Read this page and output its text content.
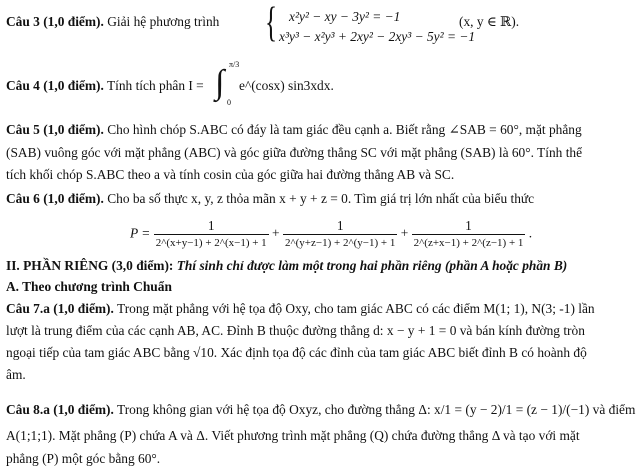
Câu 3 (1,0 điểm). Giải hệ phương trình { x²y² − xy − 3y² = −1
x³y³ − x²y³ + 2xy² − 2xy³ − 5y² = −1
(x, y ∈ ℝ).
Câu 4 (1,0 điểm). Tính tích phân I =
π/3
∫
0
e^(cosx) sin3xdx.
Câu 5 (1,0 điểm). Cho hình chóp S.ABC có đáy là tam giác đều cạnh a. Biết rằng ∠SAB = 60°, mặt phẳng
(SAB) vuông góc với mặt phẳng (ABC) và góc giữa đường thẳng SC với mặt phẳng (SAB) là 60°. Tính thể
tích khối chóp S.ABC theo a và tính cosin của góc giữa hai đường thẳng AB và SC.
Câu 6 (1,0 điểm). Cho ba số thực x, y, z thỏa mãn x + y + z = 0. Tìm giá trị lớn nhất của biểu thức
$P = \frac{1}{2\^{}(x+y-1) + 2\^{}(x-1) + 1} + \frac{1}{2\^{}(y+z-1) + 2\^{}(y-1) + 1} + \frac{1}{2\^{}(z+x-1) + 2\^{}(z-1) + 1}$ .
II. PHẦN RIÊNG (3,0 điểm): Thí sinh chỉ được làm một trong hai phần riêng (phần A hoặc phần B)
A. Theo chương trình Chuẩn
Câu 7.a (1,0 điểm). Trong mặt phẳng với hệ tọa độ Oxy, cho tam giác ABC có các điểm M(1; 1), N(3; -1) lần
lượt là trung điểm của các cạnh AB, AC. Đỉnh B thuộc đường thẳng d: x − y + 1 = 0 và bán kính đường tròn
ngoại tiếp của tam giác ABC bằng √10. Xác định tọa độ các đỉnh của tam giác ABC biết đỉnh B có hoành độ
âm.
Câu 8.a (1,0 điểm). Trong không gian với hệ tọa độ Oxyz, cho đường thẳng Δ: x/1 = (y − 2)/1 = (z − 1)/(−1) và điểm
A(1;1;1). Mặt phẳng (P) chứa A và Δ. Viết phương trình mặt phẳng (Q) chứa đường thẳng Δ và tạo với mặt
phẳng (P) một góc bằng 60°.
